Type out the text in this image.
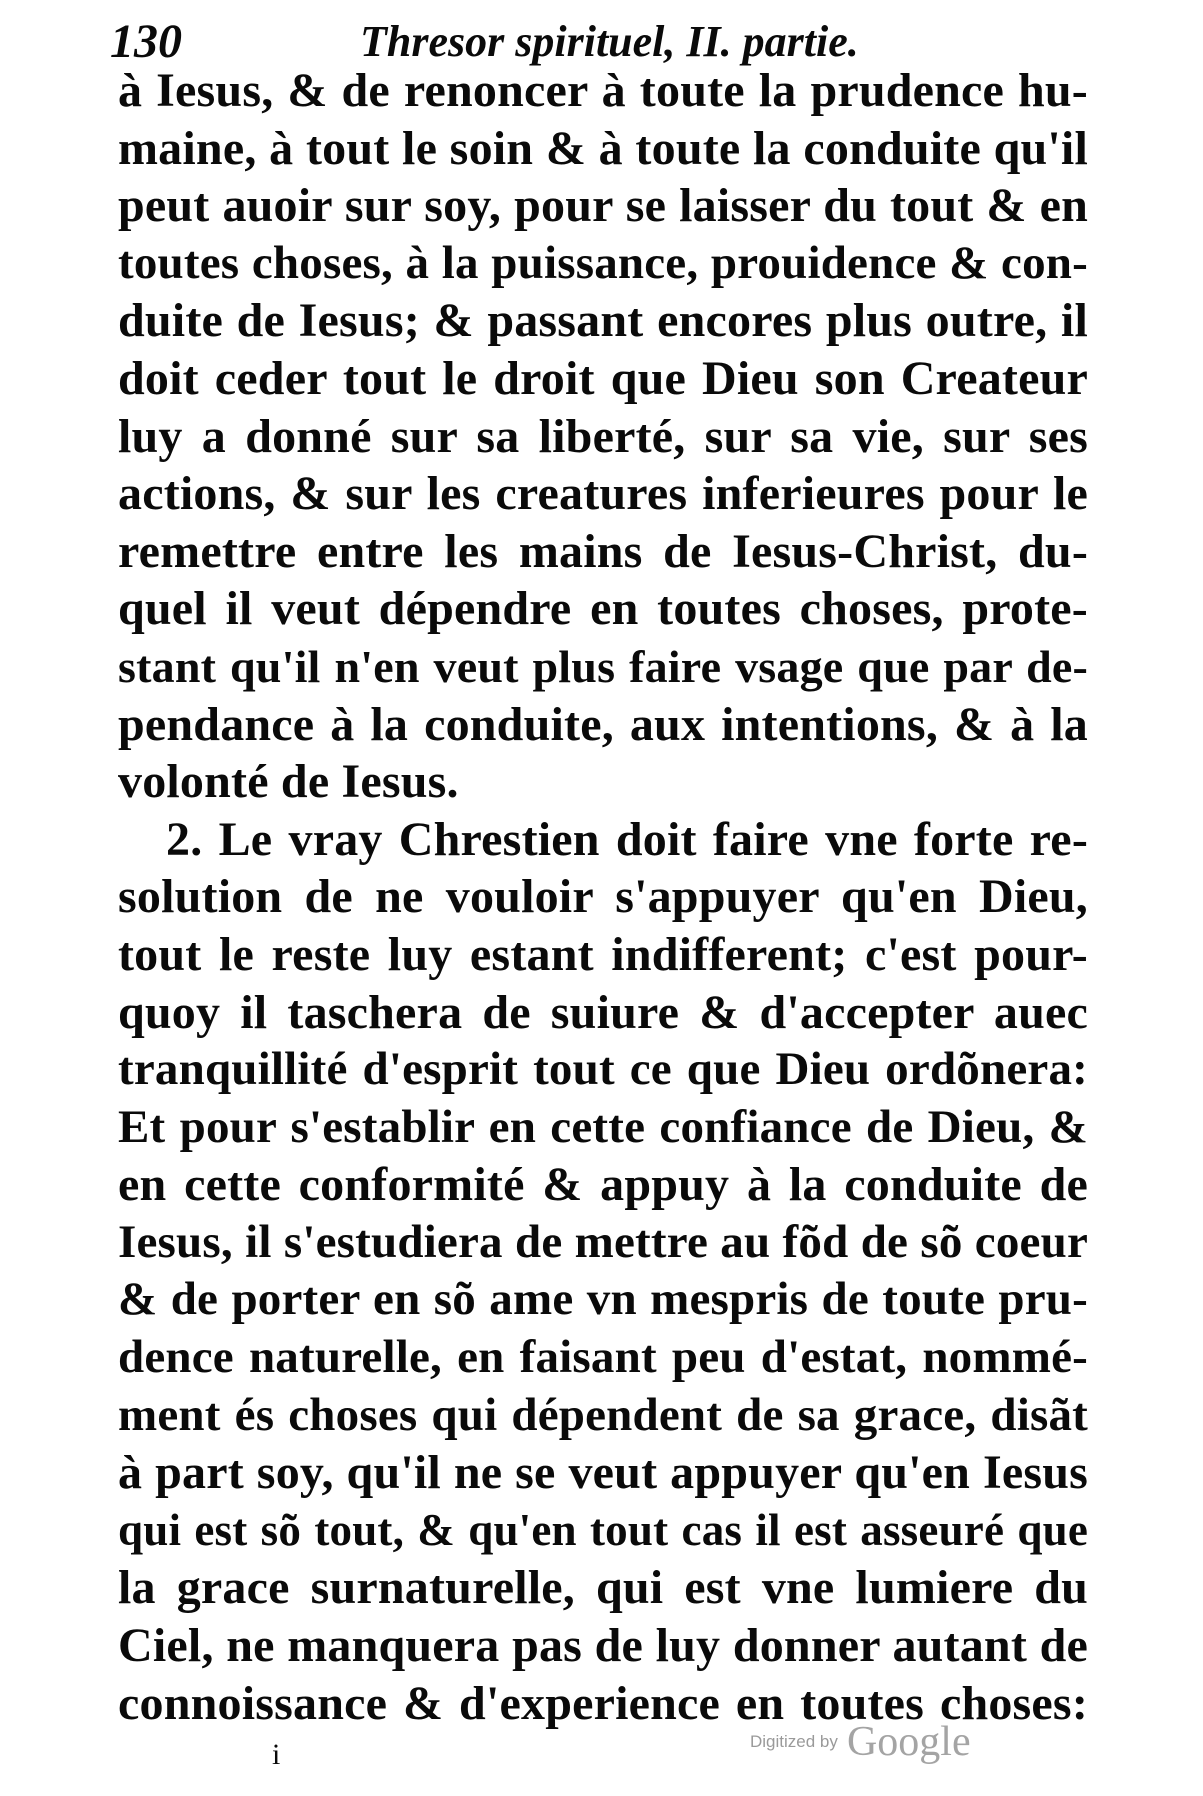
130	Thresor spirituel, II. partie.
à Iesus, & de renoncer à toute la prudence hu-
maine, à tout le soin & à toute la conduite qu'il
peut auoir sur soy, pour se laisser du tout & en
toutes choses, à la puissance, prouidence & con-
duite de Iesus; & passant encores plus outre, il
doit ceder tout le droit que Dieu son Createur
luy a donné sur sa liberté, sur sa vie, sur ses
actions, & sur les creatures inferieures pour le
remettre entre les mains de Iesus-Christ, du-
quel il veut dépendre en toutes choses, prote-
stant qu'il n'en veut plus faire vsage que par de-
pendance à la conduite, aux intentions, & à la
volonté de Iesus.
2. Le vray Chrestien doit faire vne forte re-
solution de ne vouloir s'appuyer qu'en Dieu,
tout le reste luy estant indifferent; c'est pour-
quoy il taschera de suiure & d'accepter auec
tranquillité d'esprit tout ce que Dieu ordõnera:
Et pour s'establir en cette confiance de Dieu, &
en cette conformité & appuy à la conduite de
Iesus, il s'estudiera de mettre au fõd de sõ coeur
& de porter en sõ ame vn mespris de toute pru-
dence naturelle, en faisant peu d'estat, nommé-
ment és choses qui dépendent de sa grace, disãt
à part soy, qu'il ne se veut appuyer qu'en Iesus
qui est sõ tout, & qu'en tout cas il est asseuré que
la grace surnaturelle, qui est vne lumiere du
Ciel, ne manquera pas de luy donner autant de
connoissance & d'experience en toutes choses:
i	Digitized by Google
